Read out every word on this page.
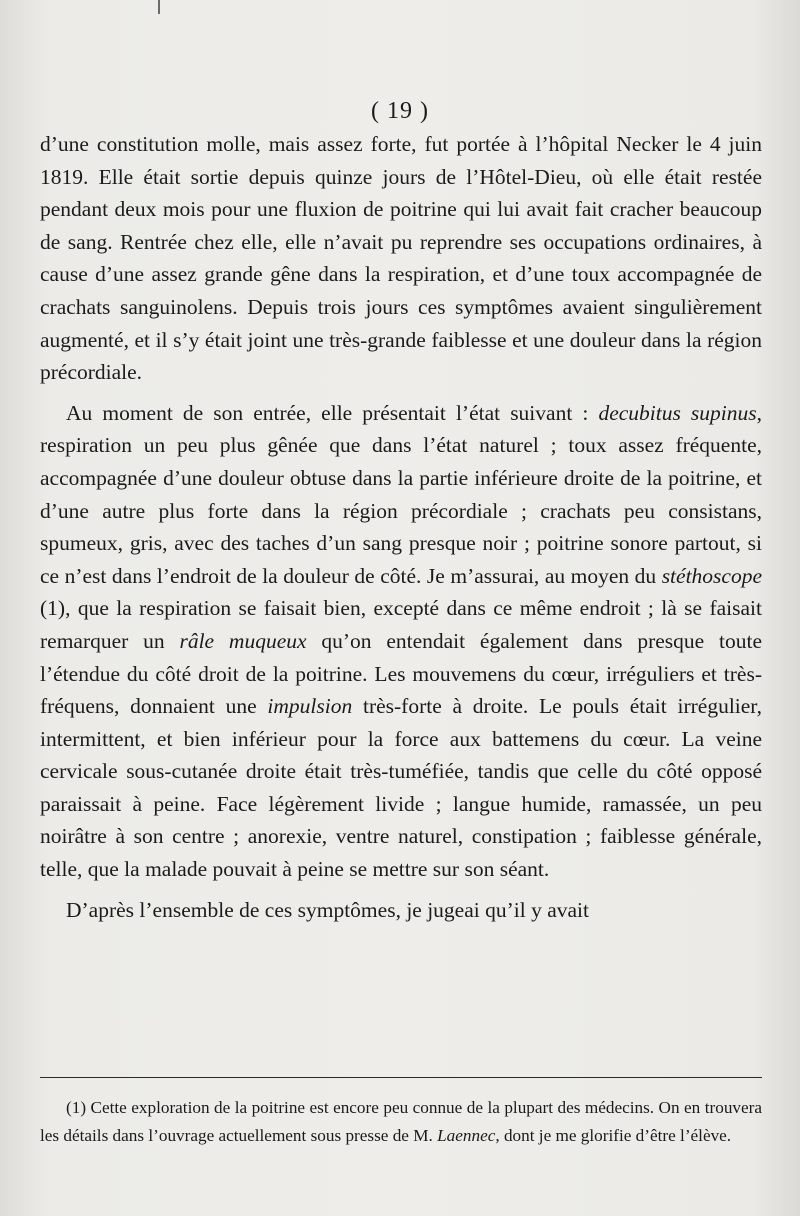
( 19 )

d’une constitution molle, mais assez forte, fut portée à l’hôpital Necker le 4 juin 1819. Elle était sortie depuis quinze jours de l’Hôtel-Dieu, où elle était restée pendant deux mois pour une fluxion de poitrine qui lui avait fait cracher beaucoup de sang. Rentrée chez elle, elle n’avait pu reprendre ses occupations ordinaires, à cause d’une assez grande gêne dans la respiration, et d’une toux accompagnée de crachats sanguinolens. Depuis trois jours ces symptômes avaient singulièrement augmenté, et il s’y était joint une très-grande faiblesse et une douleur dans la région précordiale.

Au moment de son entrée, elle présentait l’état suivant : decubitus supinus, respiration un peu plus gênée que dans l’état naturel ; toux assez fréquente, accompagnée d’une douleur obtuse dans la partie inférieure droite de la poitrine, et d’une autre plus forte dans la région précordiale ; crachats peu consistans, spumeux, gris, avec des taches d’un sang presque noir ; poitrine sonore partout, si ce n’est dans l’endroit de la douleur de côté. Je m’assurai, au moyen du stéthoscope (1), que la respiration se faisait bien, excepté dans ce même endroit ; là se faisait remarquer un râle muqueux qu’on entendait également dans presque toute l’étendue du côté droit de la poitrine. Les mouvemens du cœur, irréguliers et très-fréquens, donnaient une impulsion très-forte à droite. Le pouls était irrégulier, intermittent, et bien inférieur pour la force aux battemens du cœur. La veine cervicale sous-cutanée droite était très-tuméfiée, tandis que celle du côté opposé paraissait à peine. Face légèrement livide ; langue humide, ramassée, un peu noirâtre à son centre ; anorexie, ventre naturel, constipation ; faiblesse générale, telle, que la malade pouvait à peine se mettre sur son séant.

D’après l’ensemble de ces symptômes, je jugeai qu’il y avait

(1) Cette exploration de la poitrine est encore peu connue de la plupart des médecins. On en trouvera les détails dans l’ouvrage actuellement sous presse de M. Laennec, dont je me glorifie d’être l’élève.
